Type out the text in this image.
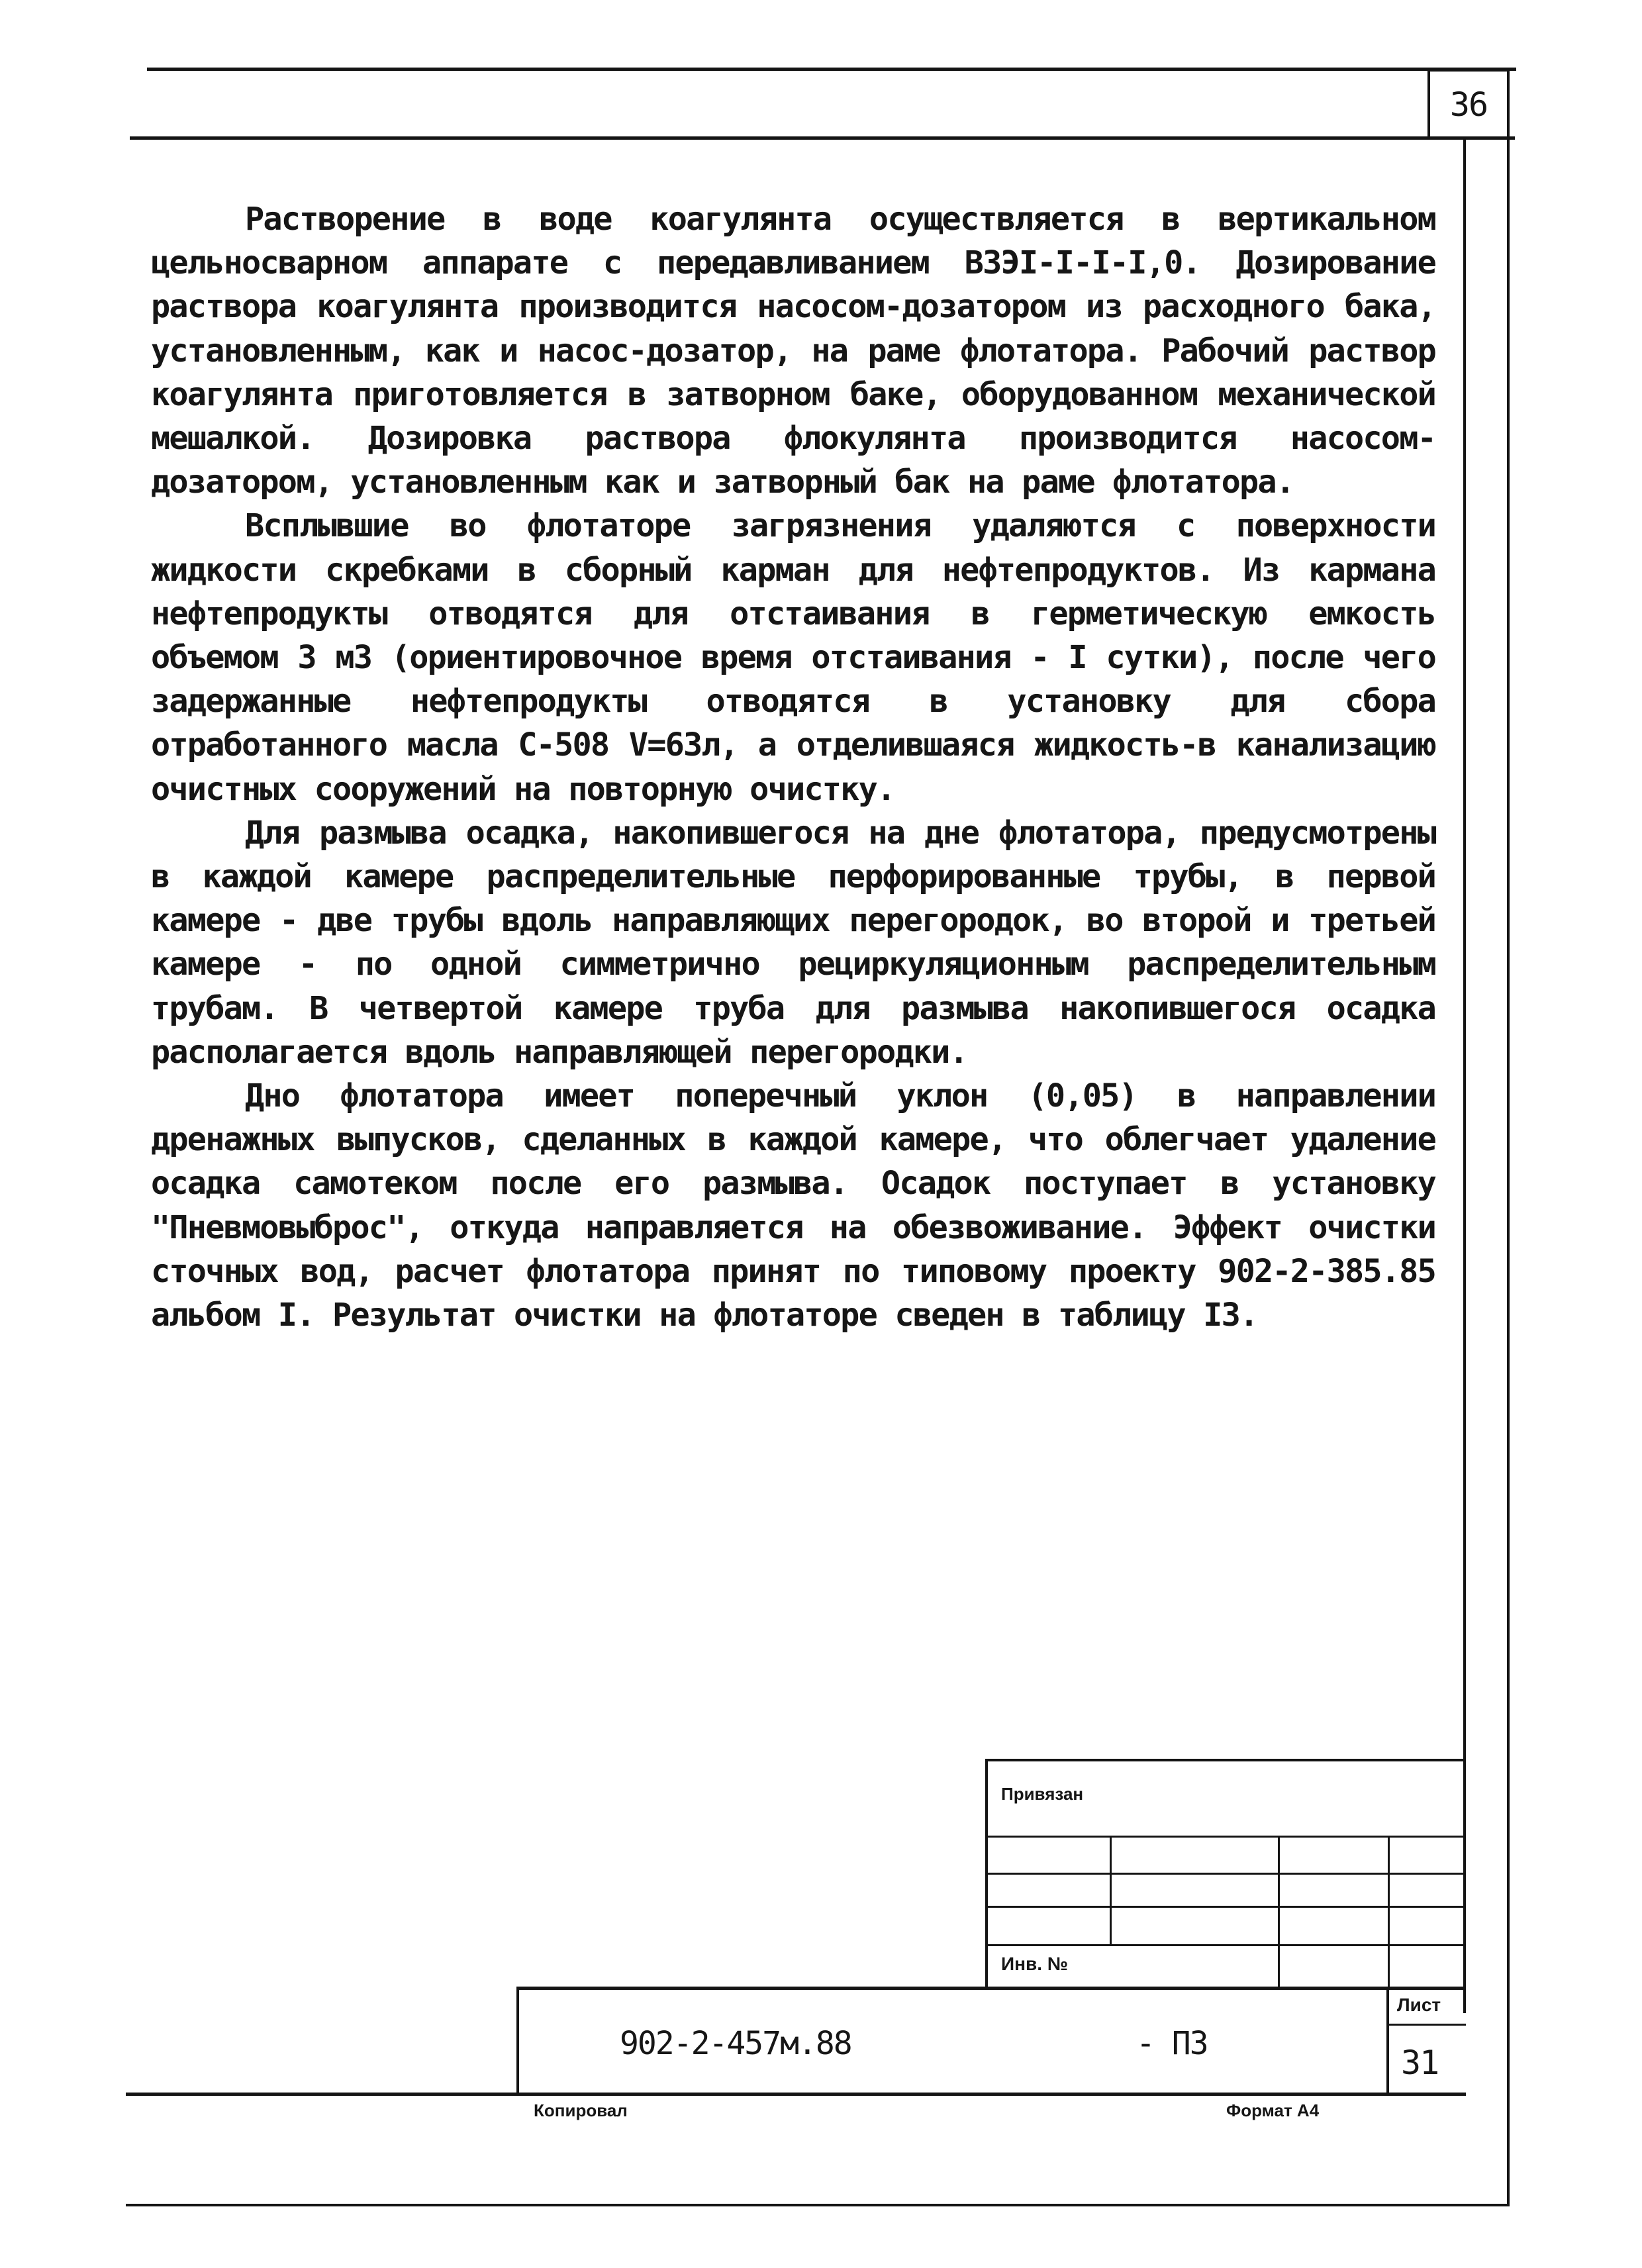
36

Растворение в воде коагулянта осуществляется в вертикальном цельносварном аппарате с передавливанием ВЗЭI-I-I-I,0. Дозирование раствора коагулянта производится насосом-дозатором из расходного бака, установленным, как и насос-дозатор, на раме флотатора. Рабочий раствор коагулянта приготовляется в затворном баке, оборудованном механической мешалкой. Дозировка раствора флокулянта производится насосом-дозатором, установленным как и затворный бак на раме флотатора.

Всплывшие во флотаторе загрязнения удаляются с поверхности жидкости скребками в сборный карман для нефтепродуктов. Из кармана нефтепродукты отводятся для отстаивания в герметическую емкость объемом 3 м3 (ориентировочное время отстаивания - I сутки), после чего задержанные нефтепродукты отводятся в установку для сбора отработанного масла С-508 V=63л, а отделившаяся жидкость-в канализацию очистных сооружений на повторную очистку.

Для размыва осадка, накопившегося на дне флотатора, предусмотрены в каждой камере распределительные перфорированные трубы, в первой камере - две трубы вдоль направляющих перегородок, во второй и третьей камере - по одной симметрично рециркуляционным распределительным трубам. В четвертой камере труба для размыва накопившегося осадка располагается вдоль направляющей перегородки.

Дно флотатора имеет поперечный уклон (0,05) в направлении дренажных выпусков, сделанных в каждой камере, что облегчает удаление осадка самотеком после его размыва. Осадок поступает в установку "Пневмовыброс", откуда направляется на обезвоживание. Эффект очистки сточных вод, расчет флотатора принят по типовому проекту 902-2-385.85 альбом I. Результат очистки на флотаторе сведен в таблицу I3.

Привязан
Инв. №
902-2-457м.88	- ПЗ
Лист
31
Копировал	Формат А4
